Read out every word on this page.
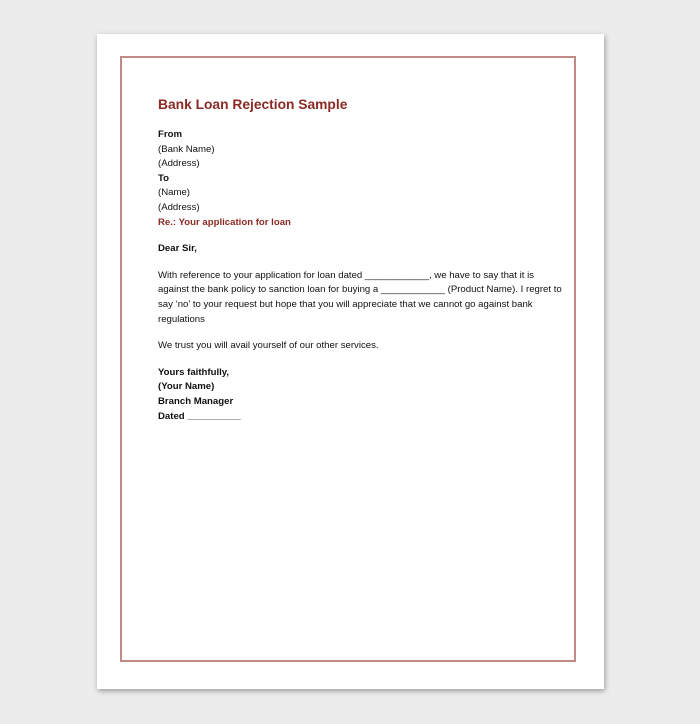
Bank Loan Rejection Sample
From
(Bank Name)
(Address)
To
(Name)
(Address)
Re.: Your application for loan
Dear Sir,
With reference to your application for loan dated ____________, we have to say that it is
against the bank policy to sanction loan for buying a ____________ (Product Name). I regret to
say ‘no’ to your request but hope that you will appreciate that we cannot go against bank
regulations
We trust you will avail yourself of our other services.
Yours faithfully,
(Your Name)
Branch Manager
Dated __________
